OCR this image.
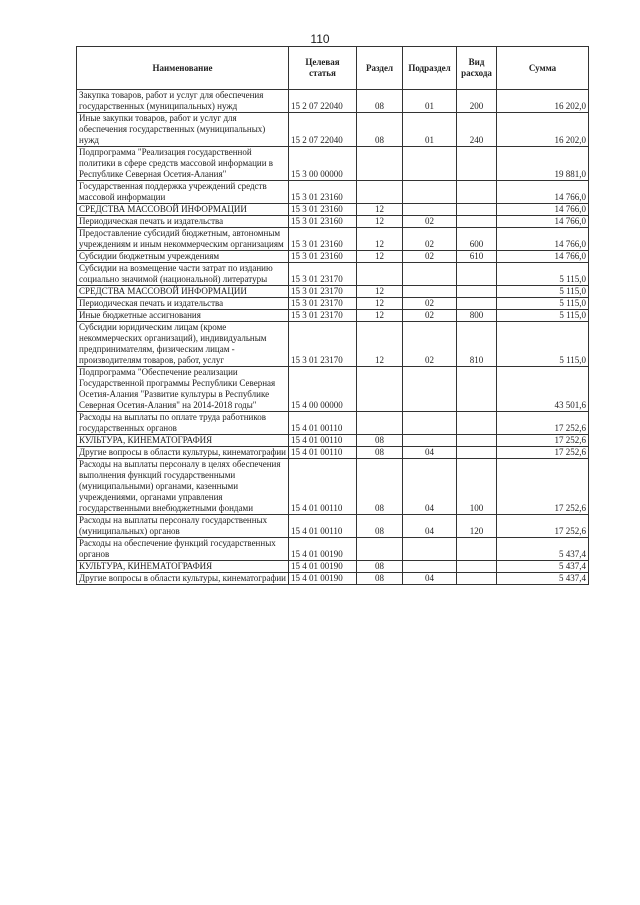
110
Наименование	Целевая статья	Раздел	Подраздел	Вид расхода	Сумма
Закупка товаров, работ и услуг для обеспечения государственных (муниципальных) нужд	15 2 07 22040	08	01	200	16 202,0
Иные закупки товаров, работ и услуг для обеспечения государственных (муниципальных) нужд	15 2 07 22040	08	01	240	16 202,0
Подпрограмма "Реализация государственной политики в сфере средств массовой информации в Республике Северная Осетия-Алания"	15 3 00 00000				19 881,0
Государственная поддержка учреждений средств массовой информации	15 3 01 23160				14 766,0
СРЕДСТВА МАССОВОЙ ИНФОРМАЦИИ	15 3 01 23160	12			14 766,0
Периодическая печать и издательства	15 3 01 23160	12	02		14 766,0
Предоставление субсидий бюджетным, автономным учреждениям и иным некоммерческим организациям	15 3 01 23160	12	02	600	14 766,0
Субсидии бюджетным учреждениям	15 3 01 23160	12	02	610	14 766,0
Субсидии на возмещение части затрат по изданию социально значимой (национальной) литературы	15 3 01 23170				5 115,0
СРЕДСТВА МАССОВОЙ ИНФОРМАЦИИ	15 3 01 23170	12			5 115,0
Периодическая печать и издательства	15 3 01 23170	12	02		5 115,0
Иные бюджетные ассигнования	15 3 01 23170	12	02	800	5 115,0
Субсидии юридическим лицам (кроме некоммерческих организаций), индивидуальным предпринимателям, физическим лицам - производителям товаров, работ, услуг	15 3 01 23170	12	02	810	5 115,0
Подпрограмма "Обеспечение реализации Государственной программы Республики Северная Осетия-Алания "Развитие культуры в Республике Северная Осетия-Алания" на 2014-2018 годы"	15 4 00 00000				43 501,6
Расходы на выплаты по оплате труда работников государственных органов	15 4 01 00110				17 252,6
КУЛЬТУРА, КИНЕМАТОГРАФИЯ	15 4 01 00110	08			17 252,6
Другие вопросы в области культуры, кинематографии	15 4 01 00110	08	04		17 252,6
Расходы на выплаты персоналу в целях обеспечения выполнения функций государственными (муниципальными) органами, казенными учреждениями, органами управления государственными внебюджетными фондами	15 4 01 00110	08	04	100	17 252,6
Расходы на выплаты персоналу государственных (муниципальных) органов	15 4 01 00110	08	04	120	17 252,6
Расходы на обеспечение функций государственных органов	15 4 01 00190				5 437,4
КУЛЬТУРА, КИНЕМАТОГРАФИЯ	15 4 01 00190	08			5 437,4
Другие вопросы в области культуры, кинематографии	15 4 01 00190	08	04		5 437,4
